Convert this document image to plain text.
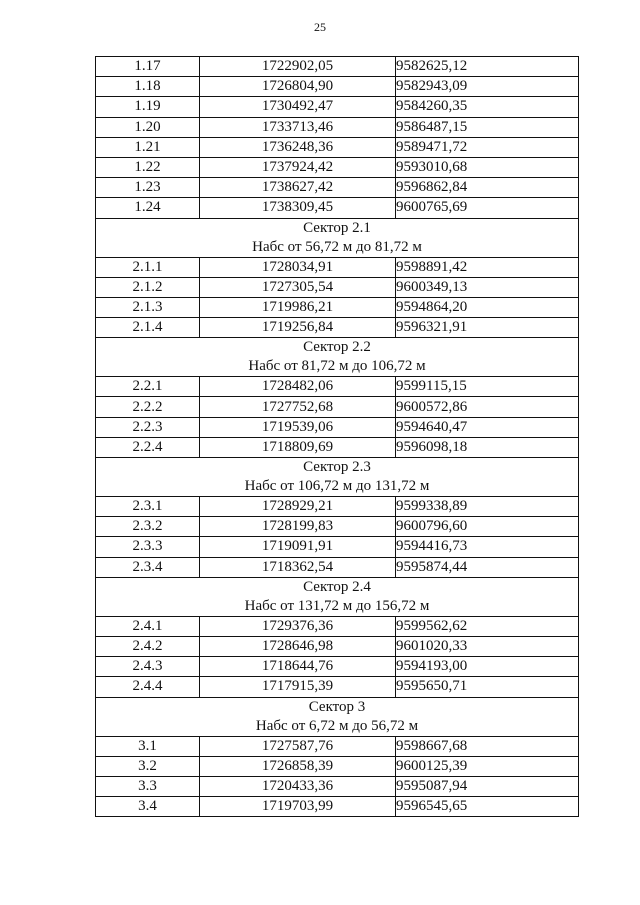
25
1.17	1722902,05	9582625,12
1.18	1726804,90	9582943,09
1.19	1730492,47	9584260,35
1.20	1733713,46	9586487,15
1.21	1736248,36	9589471,72
1.22	1737924,42	9593010,68
1.23	1738627,42	9596862,84
1.24	1738309,45	9600765,69

Сектор 2.1
Набс от 56,72 м до 81,72 м		

2.1.1	1728034,91	9598891,42
2.1.2	1727305,54	9600349,13
2.1.3	1719986,21	9594864,20
2.1.4	1719256,84	9596321,91

Сектор 2.2
Набс от 81,72 м до 106,72 м		

2.2.1	1728482,06	9599115,15
2.2.2	1727752,68	9600572,86
2.2.3	1719539,06	9594640,47
2.2.4	1718809,69	9596098,18

Сектор 2.3
Набс от 106,72 м до 131,72 м		

2.3.1	1728929,21	9599338,89
2.3.2	1728199,83	9600796,60
2.3.3	1719091,91	9594416,73
2.3.4	1718362,54	9595874,44

Сектор 2.4
Набс от 131,72 м до 156,72 м		

2.4.1	1729376,36	9599562,62
2.4.2	1728646,98	9601020,33
2.4.3	1718644,76	9594193,00
2.4.4	1717915,39	9595650,71

Сектор 3
Набс от 6,72 м до 56,72 м		

3.1	1727587,76	9598667,68
3.2	1726858,39	9600125,39
3.3	1720433,36	9595087,94
3.4	1719703,99	9596545,65
